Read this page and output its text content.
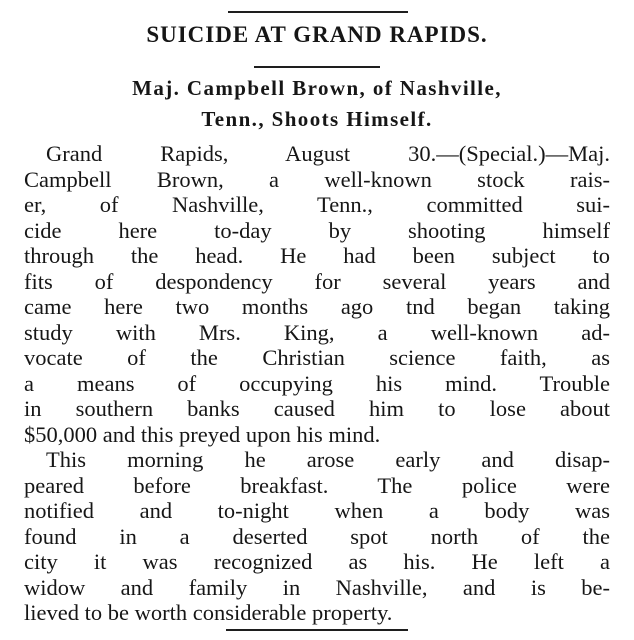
SUICIDE AT GRAND RAPIDS.
Maj. Campbell Brown, of Nashville,
Tenn., Shoots Himself.
Grand Rapids, August 30.—(Special.)—Maj.
Campbell Brown, a well-known stock rais-
er, of Nashville, Tenn., committed sui-
cide here to-day by shooting himself
through the head. He had been subject to
fits of despondency for several years and
came here two months ago tnd began taking
study with Mrs. King, a well-known ad-
vocate of the Christian science faith, as
a means of occupying his mind. Trouble
in southern banks caused him to lose about
$50,000 and this preyed upon his mind.
This morning he arose early and disap-
peared before breakfast. The police were
notified and to-night when a body was
found in a deserted spot north of the
city it was recognized as his. He left a
widow and family in Nashville, and is be-
lieved to be worth considerable property.
